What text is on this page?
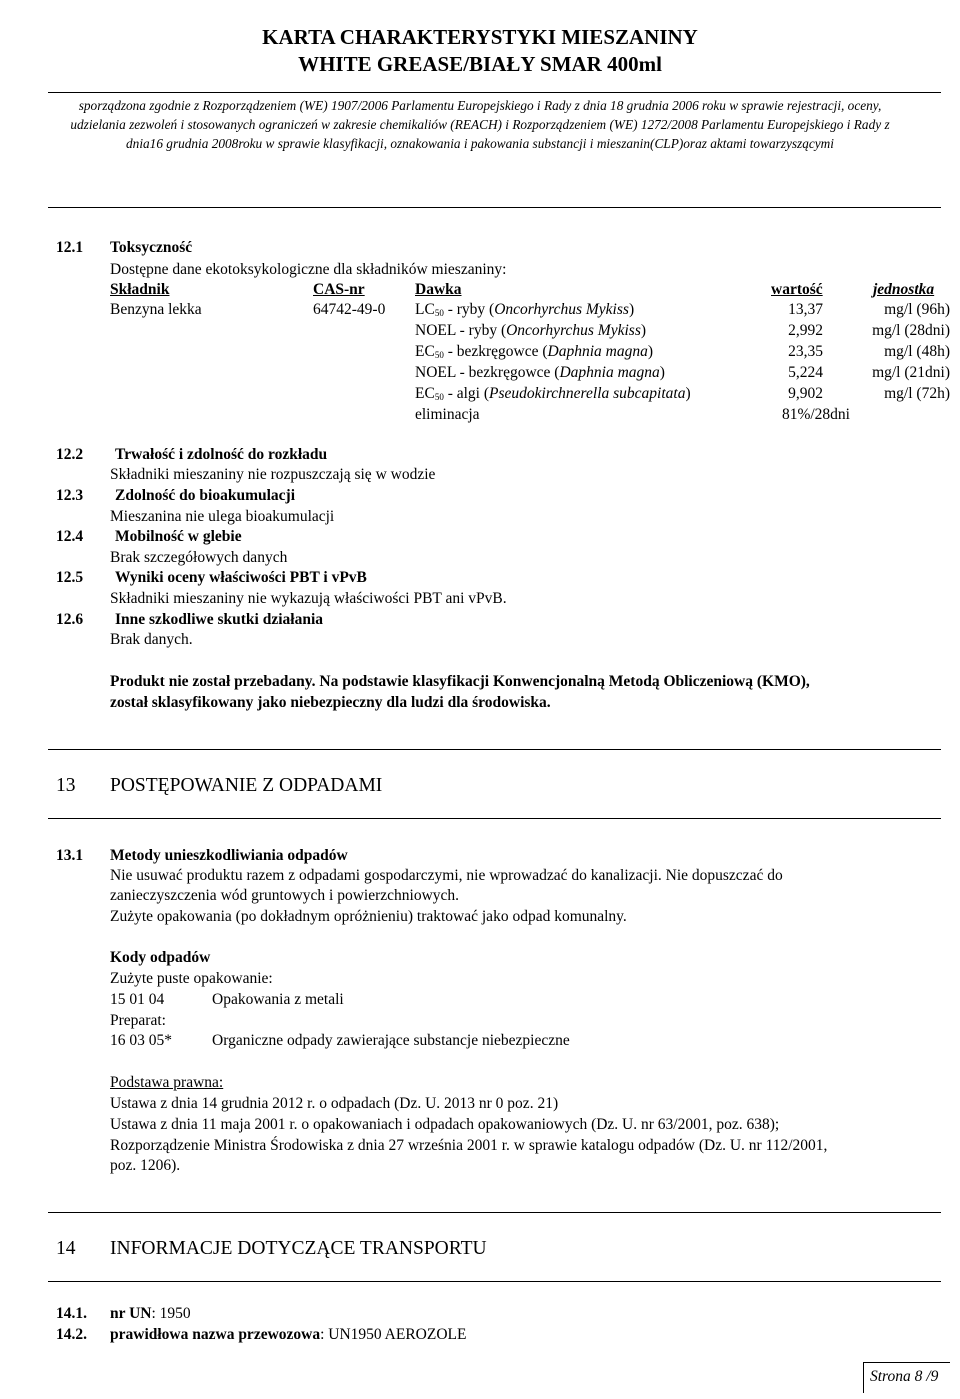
KARTA CHARAKTERYSTYKI MIESZANINY
WHITE GREASE/BIAŁY SMAR 400ml
sporządzona zgodnie z Rozporządzeniem (WE) 1907/2006 Parlamentu Europejskiego i Rady z dnia 18 grudnia 2006 roku w sprawie rejestracji, oceny,
udzielania zezwoleń i stosowanych ograniczeń w zakresie chemikaliów (REACH) i Rozporządzeniem (WE) 1272/2008 Parlamentu Europejskiego i Rady z
dnia16 grudnia 2008roku w sprawie klasyfikacji, oznakowania i pakowania substancji i mieszanin(CLP)oraz aktami towarzyszącymi
12.1 Toksyczność
Dostępne dane ekotoksykologiczne dla składników mieszaniny:
Składnik	CAS-nr	Dawka	wartość	jednostka
Benzyna lekka	64742-49-0 $LC_{50}$ - ryby (Oncorhyrchus Mykiss)	13,37	mg/l (96h)
NOEL - ryby (Oncorhyrchus Mykiss)	2,992	mg/l (28dni)
$EC_{50}$ - bezkręgowce (Daphnia magna)	23,35	mg/l (48h)
NOEL - bezkręgowce (Daphnia magna)	5,224	mg/l (21dni)
$EC_{50}$ - algi (Pseudokirchnerella subcapitata)	9,902	mg/l (72h)
eliminacja	81%/28dni
12.2 Trwałość i zdolność do rozkładu
Składniki mieszaniny nie rozpuszczają się w wodzie
12.3 Zdolność do bioakumulacji
Mieszanina nie ulega bioakumulacji
12.4 Mobilność w glebie
Brak szczegółowych danych
12.5 Wyniki oceny właściwości PBT i vPvB
Składniki mieszaniny nie wykazują właściwości PBT ani vPvB.
12.6 Inne szkodliwe skutki działania
Brak danych.
Produkt nie został przebadany. Na podstawie klasyfikacji Konwencjonalną Metodą Obliczeniową (KMO),
został sklasyfikowany jako niebezpieczny dla ludzi dla środowiska.
13 POSTĘPOWANIE Z ODPADAMI
13.1 Metody unieszkodliwiania odpadów
Nie usuwać produktu razem z odpadami gospodarczymi, nie wprowadzać do kanalizacji. Nie dopuszczać do
zanieczyszczenia wód gruntowych i powierzchniowych.
Zużyte opakowania (po dokładnym opróżnieniu) traktować jako odpad komunalny.
Kody odpadów
Zużyte puste opakowanie:
15 01 04	Opakowania z metali
Preparat:
16 03 05*	Organiczne odpady zawierające substancje niebezpieczne
Podstawa prawna:
Ustawa z dnia 14 grudnia 2012 r. o odpadach (Dz. U. 2013 nr 0 poz. 21)
Ustawa z dnia 11 maja 2001 r. o opakowaniach i odpadach opakowaniowych (Dz. U. nr 63/2001, poz. 638);
Rozporządzenie Ministra Środowiska z dnia 27 września 2001 r. w sprawie katalogu odpadów (Dz. U. nr 112/2001,
poz. 1206).
14 INFORMACJE DOTYCZĄCE TRANSPORTU
14.1. nr UN: 1950
14.2. prawidłowa nazwa przewozowa: UN1950 AEROZOLE
Strona 8 /9
